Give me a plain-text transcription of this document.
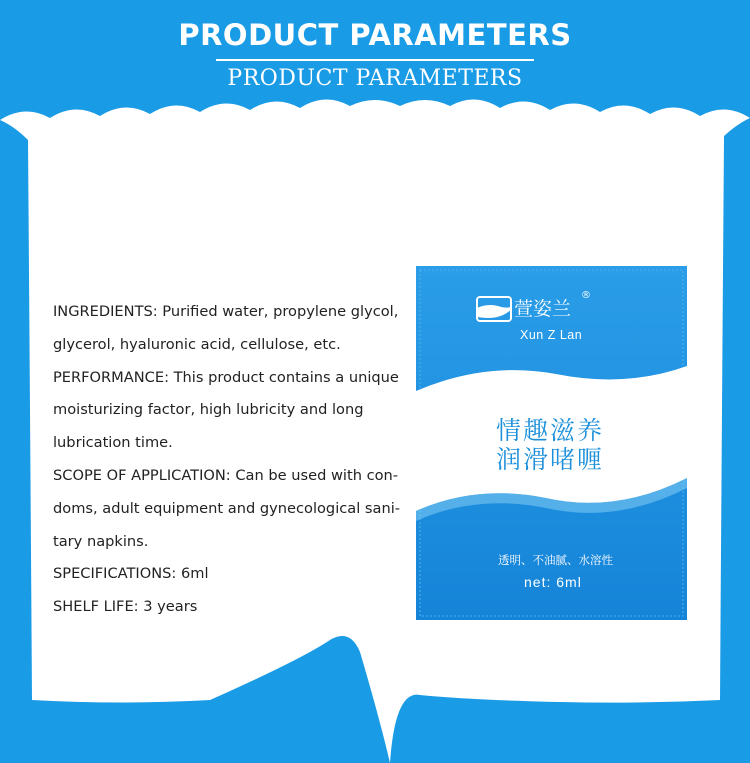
PRODUCT PARAMETERS
PRODUCT PARAMETERS

INGREDIENTS: Purified water, propylene glycol,

glycerol, hyaluronic acid, cellulose, etc.

PERFORMANCE: This product contains a unique

moisturizing factor, high lubricity and long

lubrication time.

SCOPE OF APPLICATION: Can be used with con-

doms, adult equipment and gynecological sani-

tary napkins.

SPECIFICATIONS: 6ml

SHELF LIFE: 3 years

萱姿兰
®
Xun Z Lan
情趣滋养
润滑啫喱
透明、不油腻、水溶性
net: 6ml
